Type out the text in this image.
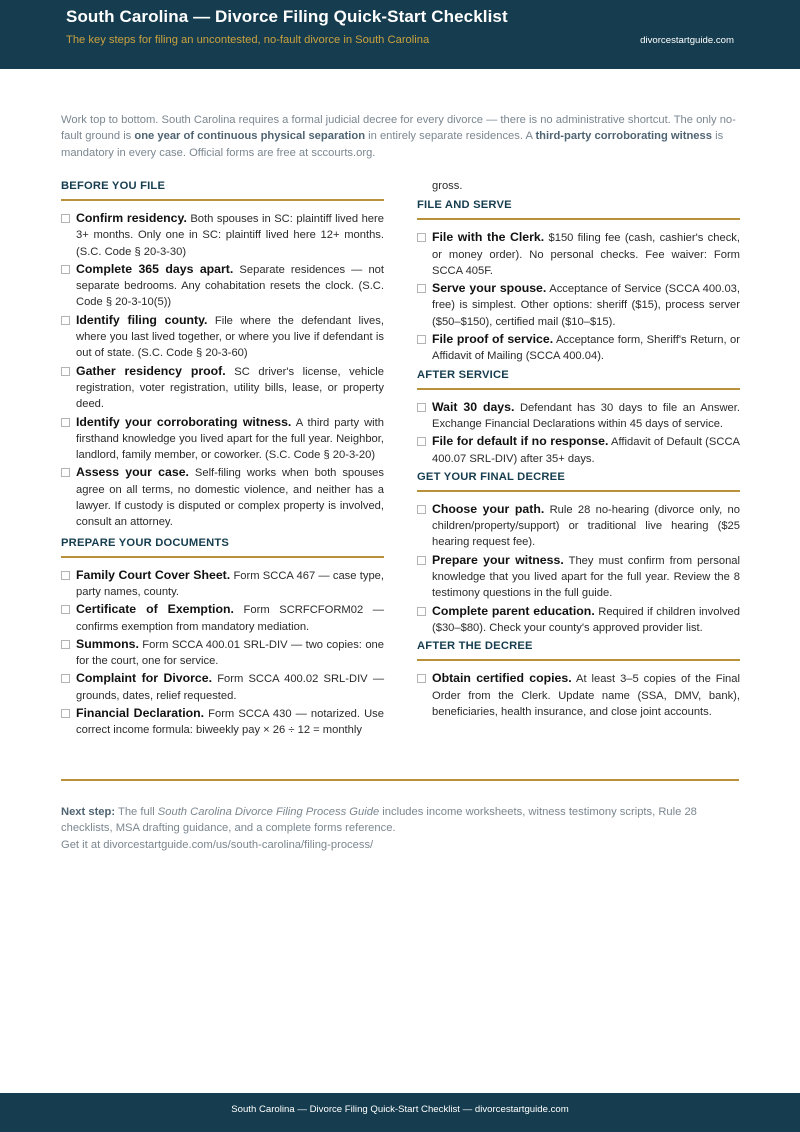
South Carolina — Divorce Filing Quick-Start Checklist
The key steps for filing an uncontested, no-fault divorce in South Carolina	divorcestartguide.com
Work top to bottom. South Carolina requires a formal judicial decree for every divorce — there is no administrative shortcut. The only no-fault ground is one year of continuous physical separation in entirely separate residences. A third-party corroborating witness is mandatory in every case. Official forms are free at sccourts.org.
BEFORE YOU FILE
Confirm residency. Both spouses in SC: plaintiff lived here 3+ months. Only one in SC: plaintiff lived here 12+ months. (S.C. Code § 20-3-30)
Complete 365 days apart. Separate residences — not separate bedrooms. Any cohabitation resets the clock. (S.C. Code § 20-3-10(5))
Identify filing county. File where the defendant lives, where you last lived together, or where you live if defendant is out of state. (S.C. Code § 20-3-60)
Gather residency proof. SC driver's license, vehicle registration, voter registration, utility bills, lease, or property deed.
Identify your corroborating witness. A third party with firsthand knowledge you lived apart for the full year. Neighbor, landlord, family member, or coworker. (S.C. Code § 20-3-20)
Assess your case. Self-filing works when both spouses agree on all terms, no domestic violence, and neither has a lawyer. If custody is disputed or complex property is involved, consult an attorney.
PREPARE YOUR DOCUMENTS
Family Court Cover Sheet. Form SCCA 467 — case type, party names, county.
Certificate of Exemption. Form SCRFCFORM02 — confirms exemption from mandatory mediation.
Summons. Form SCCA 400.01 SRL-DIV — two copies: one for the court, one for service.
Complaint for Divorce. Form SCCA 400.02 SRL-DIV — grounds, dates, relief requested.
Financial Declaration. Form SCCA 430 — notarized. Use correct income formula: biweekly pay × 26 ÷ 12 = monthly
gross.
FILE AND SERVE
File with the Clerk. $150 filing fee (cash, cashier's check, or money order). No personal checks. Fee waiver: Form SCCA 405F.
Serve your spouse. Acceptance of Service (SCCA 400.03, free) is simplest. Other options: sheriff ($15), process server ($50–$150), certified mail ($10–$15).
File proof of service. Acceptance form, Sheriff's Return, or Affidavit of Mailing (SCCA 400.04).
AFTER SERVICE
Wait 30 days. Defendant has 30 days to file an Answer. Exchange Financial Declarations within 45 days of service.
File for default if no response. Affidavit of Default (SCCA 400.07 SRL-DIV) after 35+ days.
GET YOUR FINAL DECREE
Choose your path. Rule 28 no-hearing (divorce only, no children/property/support) or traditional live hearing ($25 hearing request fee).
Prepare your witness. They must confirm from personal knowledge that you lived apart for the full year. Review the 8 testimony questions in the full guide.
Complete parent education. Required if children involved ($30–$80). Check your county's approved provider list.
AFTER THE DECREE
Obtain certified copies. At least 3–5 copies of the Final Order from the Clerk. Update name (SSA, DMV, bank), beneficiaries, health insurance, and close joint accounts.
Next step: The full South Carolina Divorce Filing Process Guide includes income worksheets, witness testimony scripts, Rule 28 checklists, MSA drafting guidance, and a complete forms reference.
Get it at divorcestartguide.com/us/south-carolina/filing-process/
South Carolina — Divorce Filing Quick-Start Checklist — divorcestartguide.com
